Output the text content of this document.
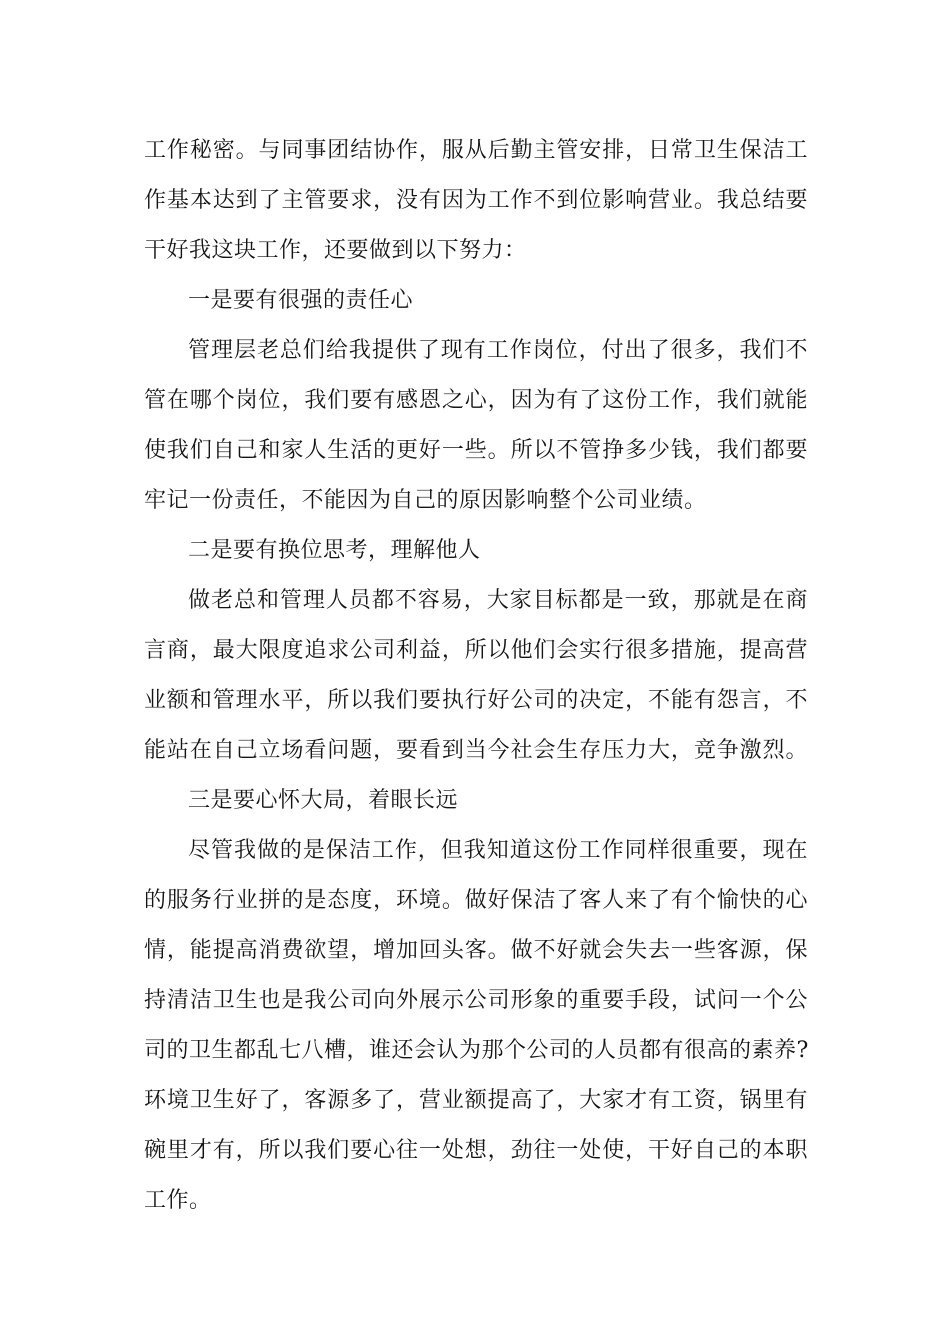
工作秘密。与同事团结协作，服从后勤主管安排，日常卫生保洁工
作基本达到了主管要求，没有因为工作不到位影响营业。我总结要
干好我这块工作，还要做到以下努力：
一是要有很强的责任心
管理层老总们给我提供了现有工作岗位，付出了很多，我们不
管在哪个岗位，我们要有感恩之心，因为有了这份工作，我们就能
使我们自己和家人生活的更好一些。所以不管挣多少钱，我们都要
牢记一份责任，不能因为自己的原因影响整个公司业绩。
二是要有换位思考，理解他人
做老总和管理人员都不容易，大家目标都是一致，那就是在商
言商，最大限度追求公司利益，所以他们会实行很多措施，提高营
业额和管理水平，所以我们要执行好公司的决定，不能有怨言，不
能站在自己立场看问题，要看到当今社会生存压力大，竞争激烈。
三是要心怀大局，着眼长远
尽管我做的是保洁工作，但我知道这份工作同样很重要，现在
的服务行业拼的是态度，环境。做好保洁了客人来了有个愉快的心
情，能提高消费欲望，增加回头客。做不好就会失去一些客源，保
持清洁卫生也是我公司向外展示公司形象的重要手段，试问一个公
司的卫生都乱七八槽，谁还会认为那个公司的人员都有很高的素养?
环境卫生好了，客源多了，营业额提高了，大家才有工资，锅里有
碗里才有，所以我们要心往一处想，劲往一处使，干好自己的本职
工作。
